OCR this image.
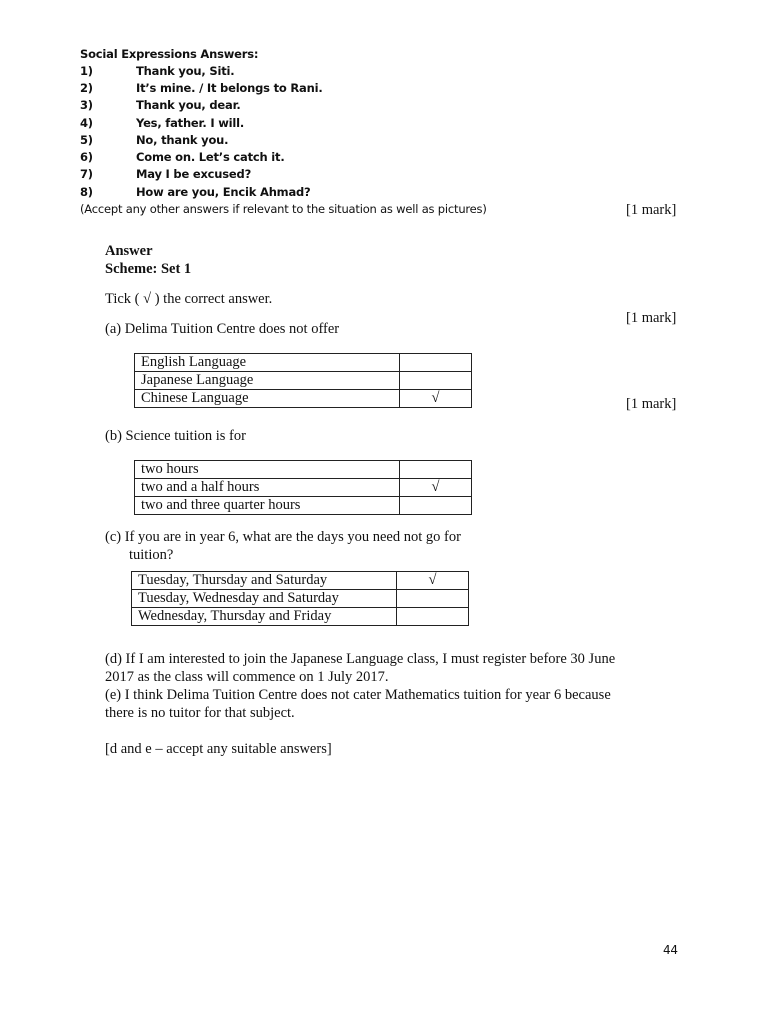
Social Expressions Answers:
1)	Thank you, Siti.
2)	It’s mine. / It belongs to Rani.
3)	Thank you, dear.
4)	Yes, father. I will.
5)	No, thank you.
6)	Come on. Let’s catch it.
7)	May I be excused?
8)	How are you, Encik Ahmad?
(Accept any other answers if relevant to the situation as well as pictures)	[1 mark]
Answer
Scheme: Set 1
Tick ( √ ) the correct answer.
[1 mark]
(a) Delima Tuition Centre does not offer
English Language	
Japanese Language	
Chinese Language	√	[1 mark]
(b) Science tuition is for
two hours	
two and a half hours	√
two and three quarter hours	
(c) If you are in year 6, what are the days you need not go for
tuition?
Tuesday, Thursday and Saturday	√
Tuesday, Wednesday and Saturday	
Wednesday, Thursday and Friday	
(d) If I am interested to join the Japanese Language class, I must register before 30 June
2017 as the class will commence on 1 July 2017.
(e) I think Delima Tuition Centre does not cater Mathematics tuition for year 6 because
there is no tuitor for that subject.
[d and e – accept any suitable answers]
44
